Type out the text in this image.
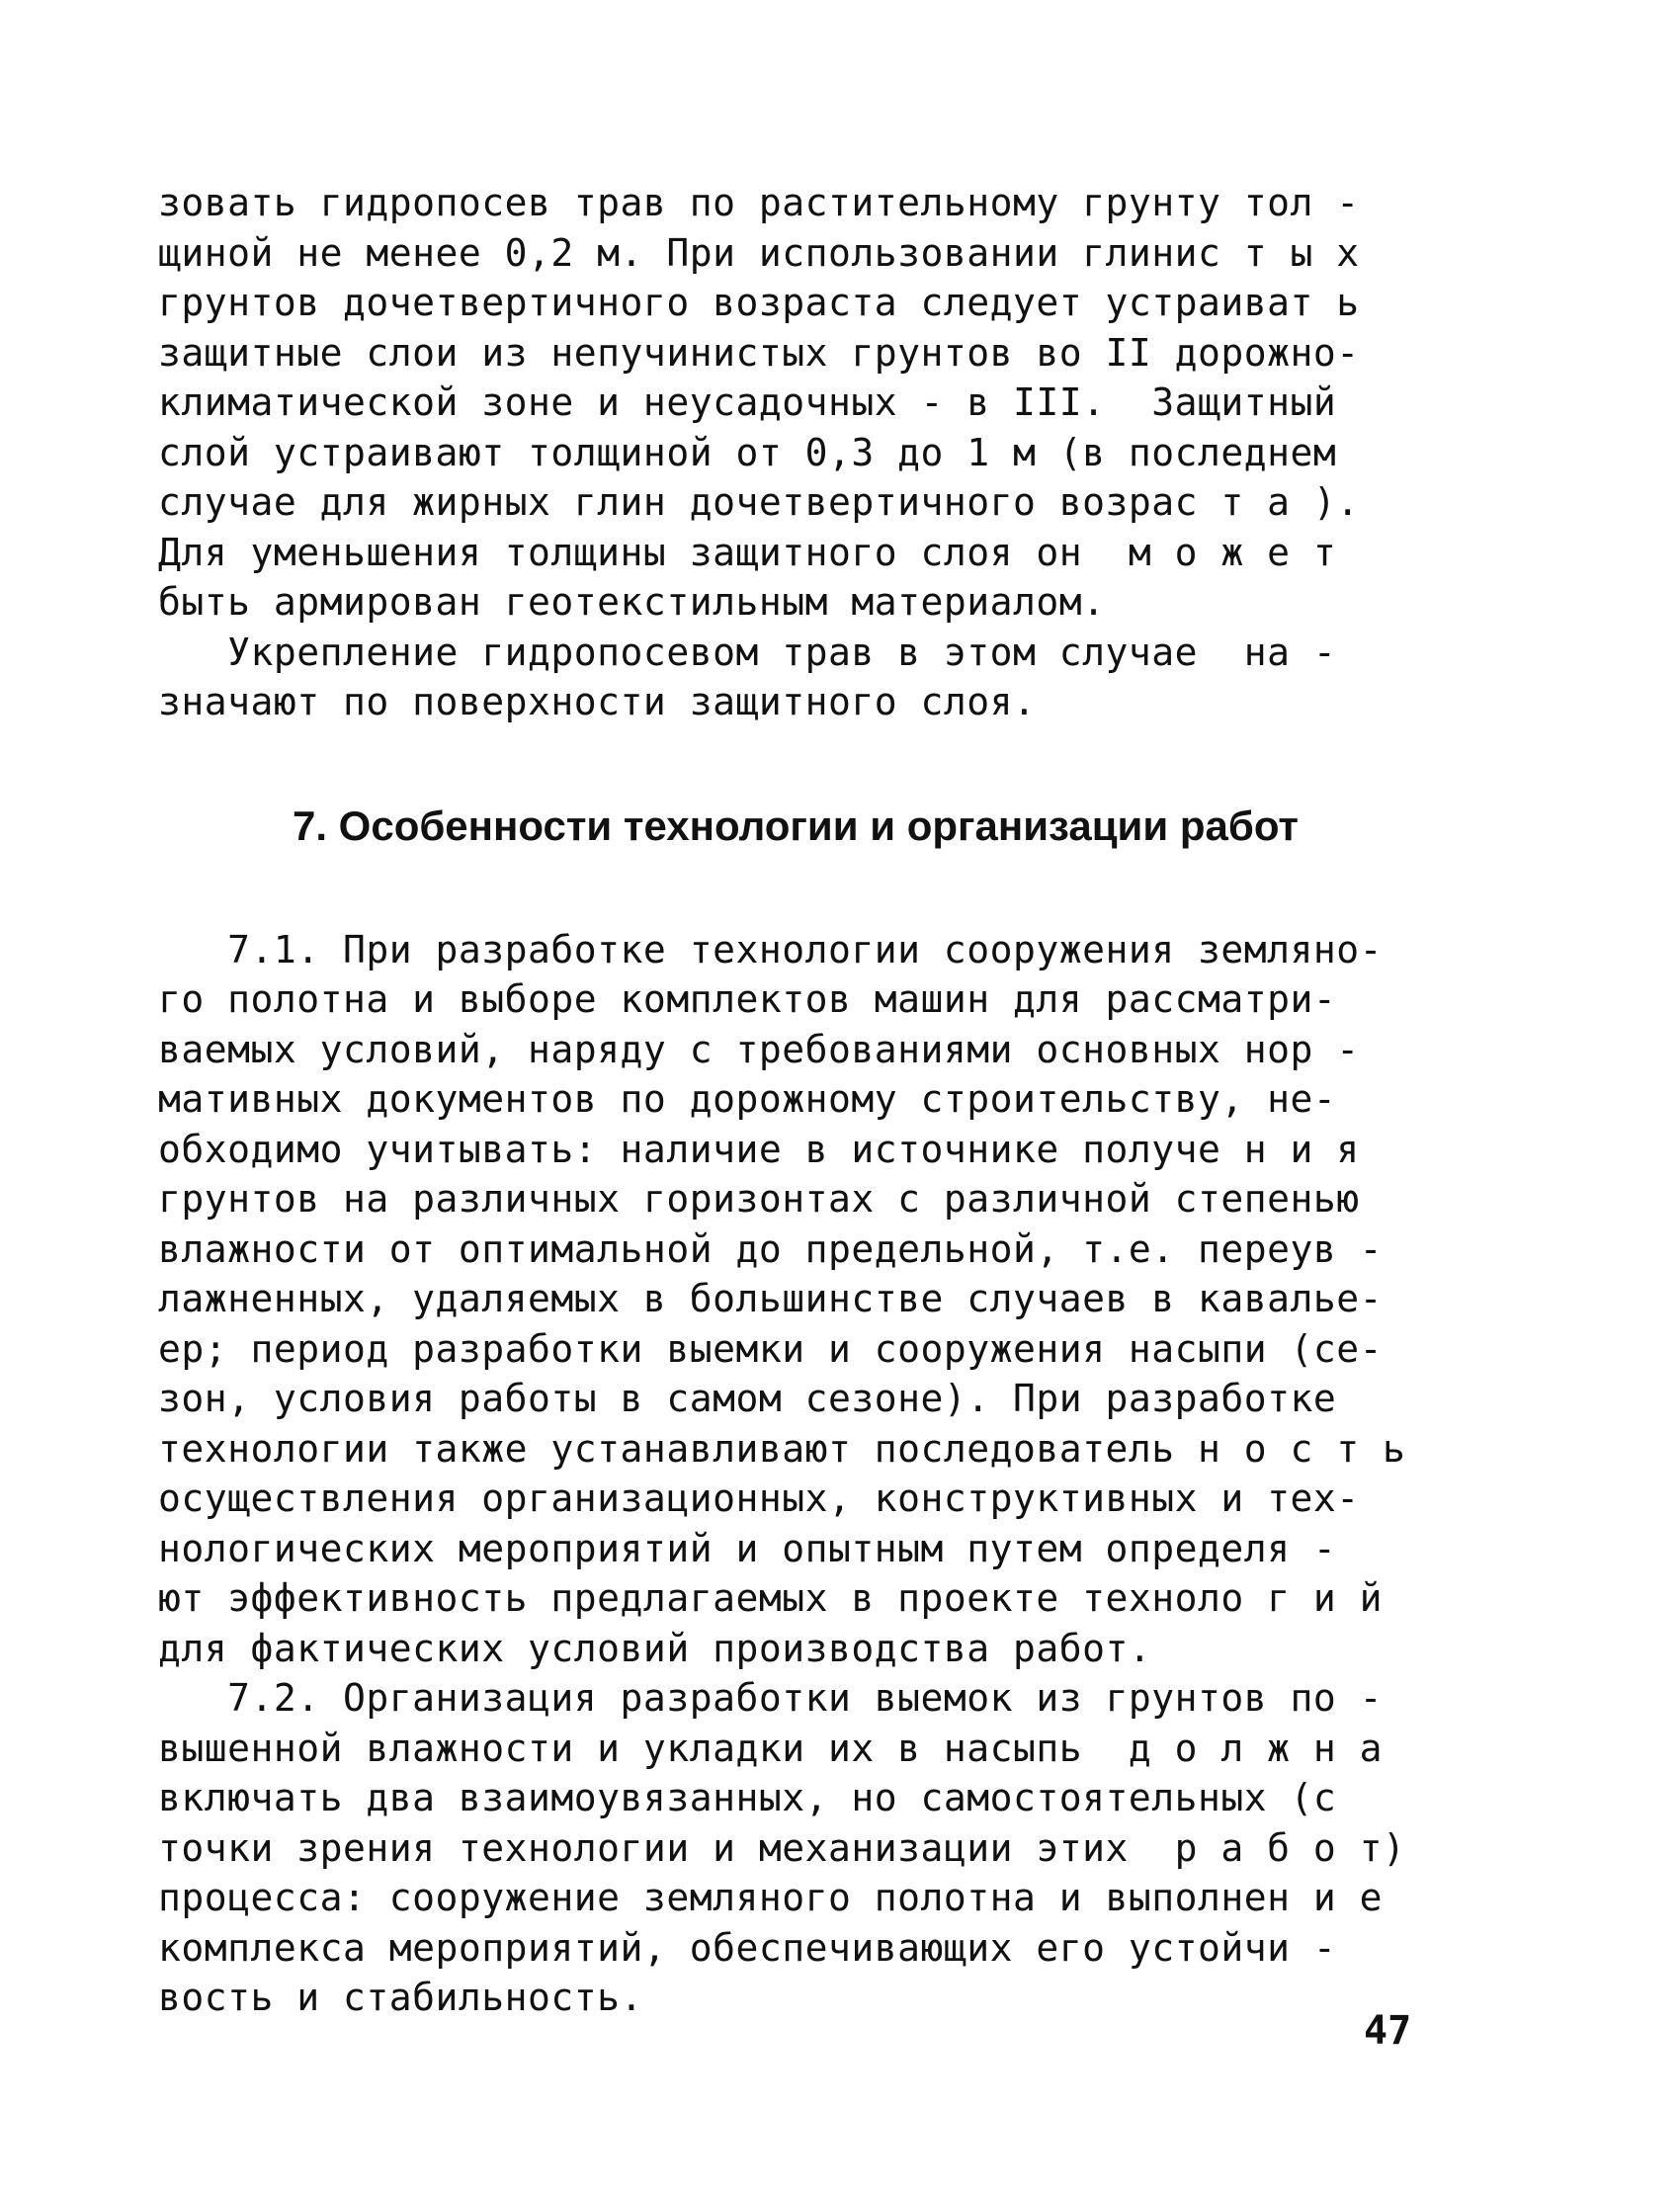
зовать гидропосев трав по растительному грунту тол -
щиной не менее 0,2 м. При использовании глинис т ы х
грунтов дочетвертичного возраста следует устраиват ь
защитные слои из непучинистых грунтов во II дорожно-
климатической зоне и неусадочных - в III.  Защитный
слой устраивают толщиной от 0,3 до 1 м (в последнем
случае для жирных глин дочетвертичного возрас т а ).
Для уменьшения толщины защитного слоя он  м о ж е т
быть армирован геотекстильным материалом.
Укрепление гидропосевом трав в этом случае  на -
значают по поверхности защитного слоя.
7. Особенности технологии и организации работ
7.1. При разработке технологии сооружения земляно-
го полотна и выборе комплектов машин для рассматри-
ваемых условий, наряду с требованиями основных нор -
мативных документов по дорожному строительству, не-
обходимо учитывать: наличие в источнике получе н и я
грунтов на различных горизонтах с различной степенью
влажности от оптимальной до предельной, т.е. переув -
лажненных, удаляемых в большинстве случаев в кавалье-
ер; период разработки выемки и сооружения насыпи (се-
зон, условия работы в самом сезоне). При разработке
технологии также устанавливают последователь н о с т ь
осуществления организационных, конструктивных и тех-
нологических мероприятий и опытным путем определя -
ют эффективность предлагаемых в проекте техноло г и й
для фактических условий производства работ.
7.2. Организация разработки выемок из грунтов по -
вышенной влажности и укладки их в насыпь  д о л ж н а
включать два взаимоувязанных, но самостоятельных (с
точки зрения технологии и механизации этих  р а б о т)
процесса: сооружение земляного полотна и выполнен и е
комплекса мероприятий, обеспечивающих его устойчи -
вость и стабильность.
47
